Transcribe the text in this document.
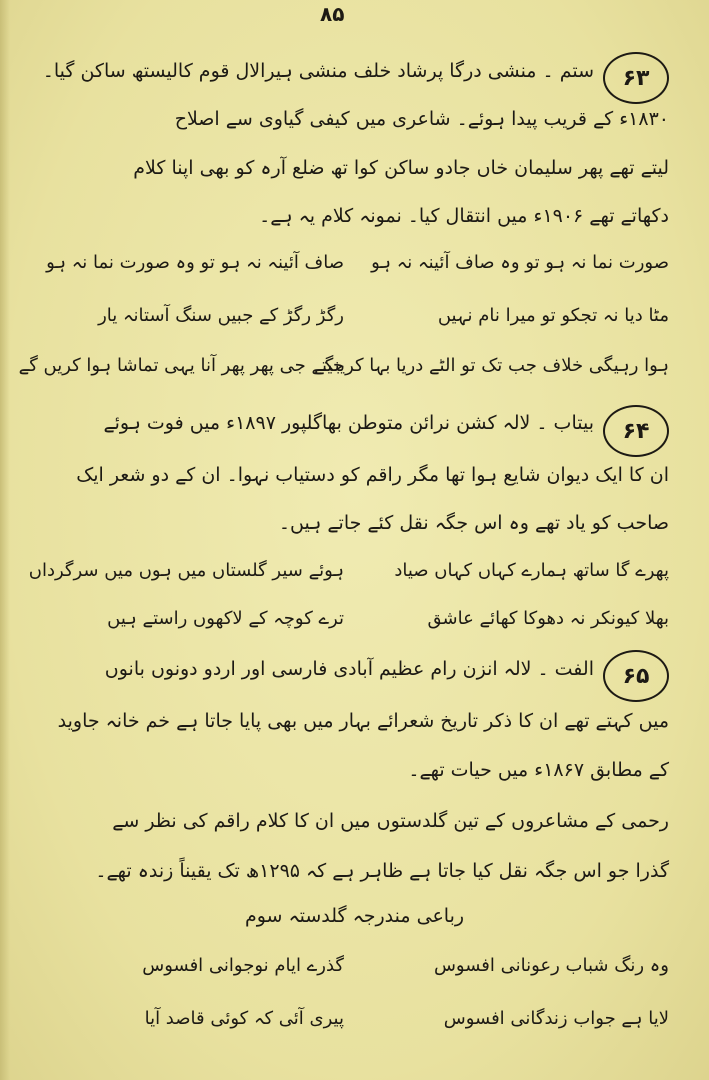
۸۵
۶۳
ستم ۔ منشی درگا پرشاد خلف منشی ہیرالال قوم کالیستھ ساکن گیا۔
۱۸۳۰ء کے قریب پیدا ہوئے۔ شاعری میں کیفی گیاوی سے اصلاح
لیتے تھے پھر سلیمان خاں جادو ساکن کوا تھ ضلع آرہ کو بھی اپنا کلام
دکھاتے تھے ۱۹۰۶ء میں انتقال کیا۔ نمونہ کلام یہ ہے۔
صاف آئینہ نہ ہو تو وہ صورت نما نہ ہو	صورت نما نہ ہو تو وہ صاف آئینہ نہ ہو
رگڑ رگڑ کے جبیں سنگ آستانہ یار	مٹا دیا نہ تجکو تو میرا نام نہیں
جیتے جی پھر پھر آنا یہی تماشا ہوا کریں گے
ہوا رہیگی خلاف جب تک تو الٹے دریا بہا کرینگے
۶۴
بیتاب ۔ لالہ کشن نرائن متوطن بھاگلپور ۱۸۹۷ء میں فوت ہوئے
ان کا ایک دیوان شایع ہوا تھا مگر راقم کو دستیاب نہوا۔ ان کے دو شعر ایک
صاحب کو یاد تھے وہ اس جگہ نقل کئے جاتے ہیں۔
ہوئے سیر گلستاں میں ہوں میں سرگرداں	پھرے گا ساتھ ہمارے کہاں کہاں صیاد
ترے کوچہ کے لاکھوں راستے ہیں	بھلا کیونکر نہ دھوکا کھائے عاشق
۶۵
الفت ۔ لالہ انزن رام عظیم آبادی فارسی اور اردو دونوں بانوں
میں کہتے تھے ان کا ذکر تاریخ شعرائے بہار میں بھی پایا جاتا ہے خم خانہ جاوید
کے مطابق ۱۸۶۷ء میں حیات تھے۔
رحمی کے مشاعروں کے تین گلدستوں میں ان کا کلام راقم کی نظر سے
گذرا جو اس جگہ نقل کیا جاتا ہے ظاہر ہے کہ ۱۲۹۵ھ تک یقیناً زندہ تھے۔
رباعی مندرجہ گلدستہ سوم
گذرے ایام نوجوانی افسوس	وہ رنگ شباب رعونانی افسوس
پیری آئی کہ کوئی قاصد آیا	لایا ہے جواب زندگانی افسوس
